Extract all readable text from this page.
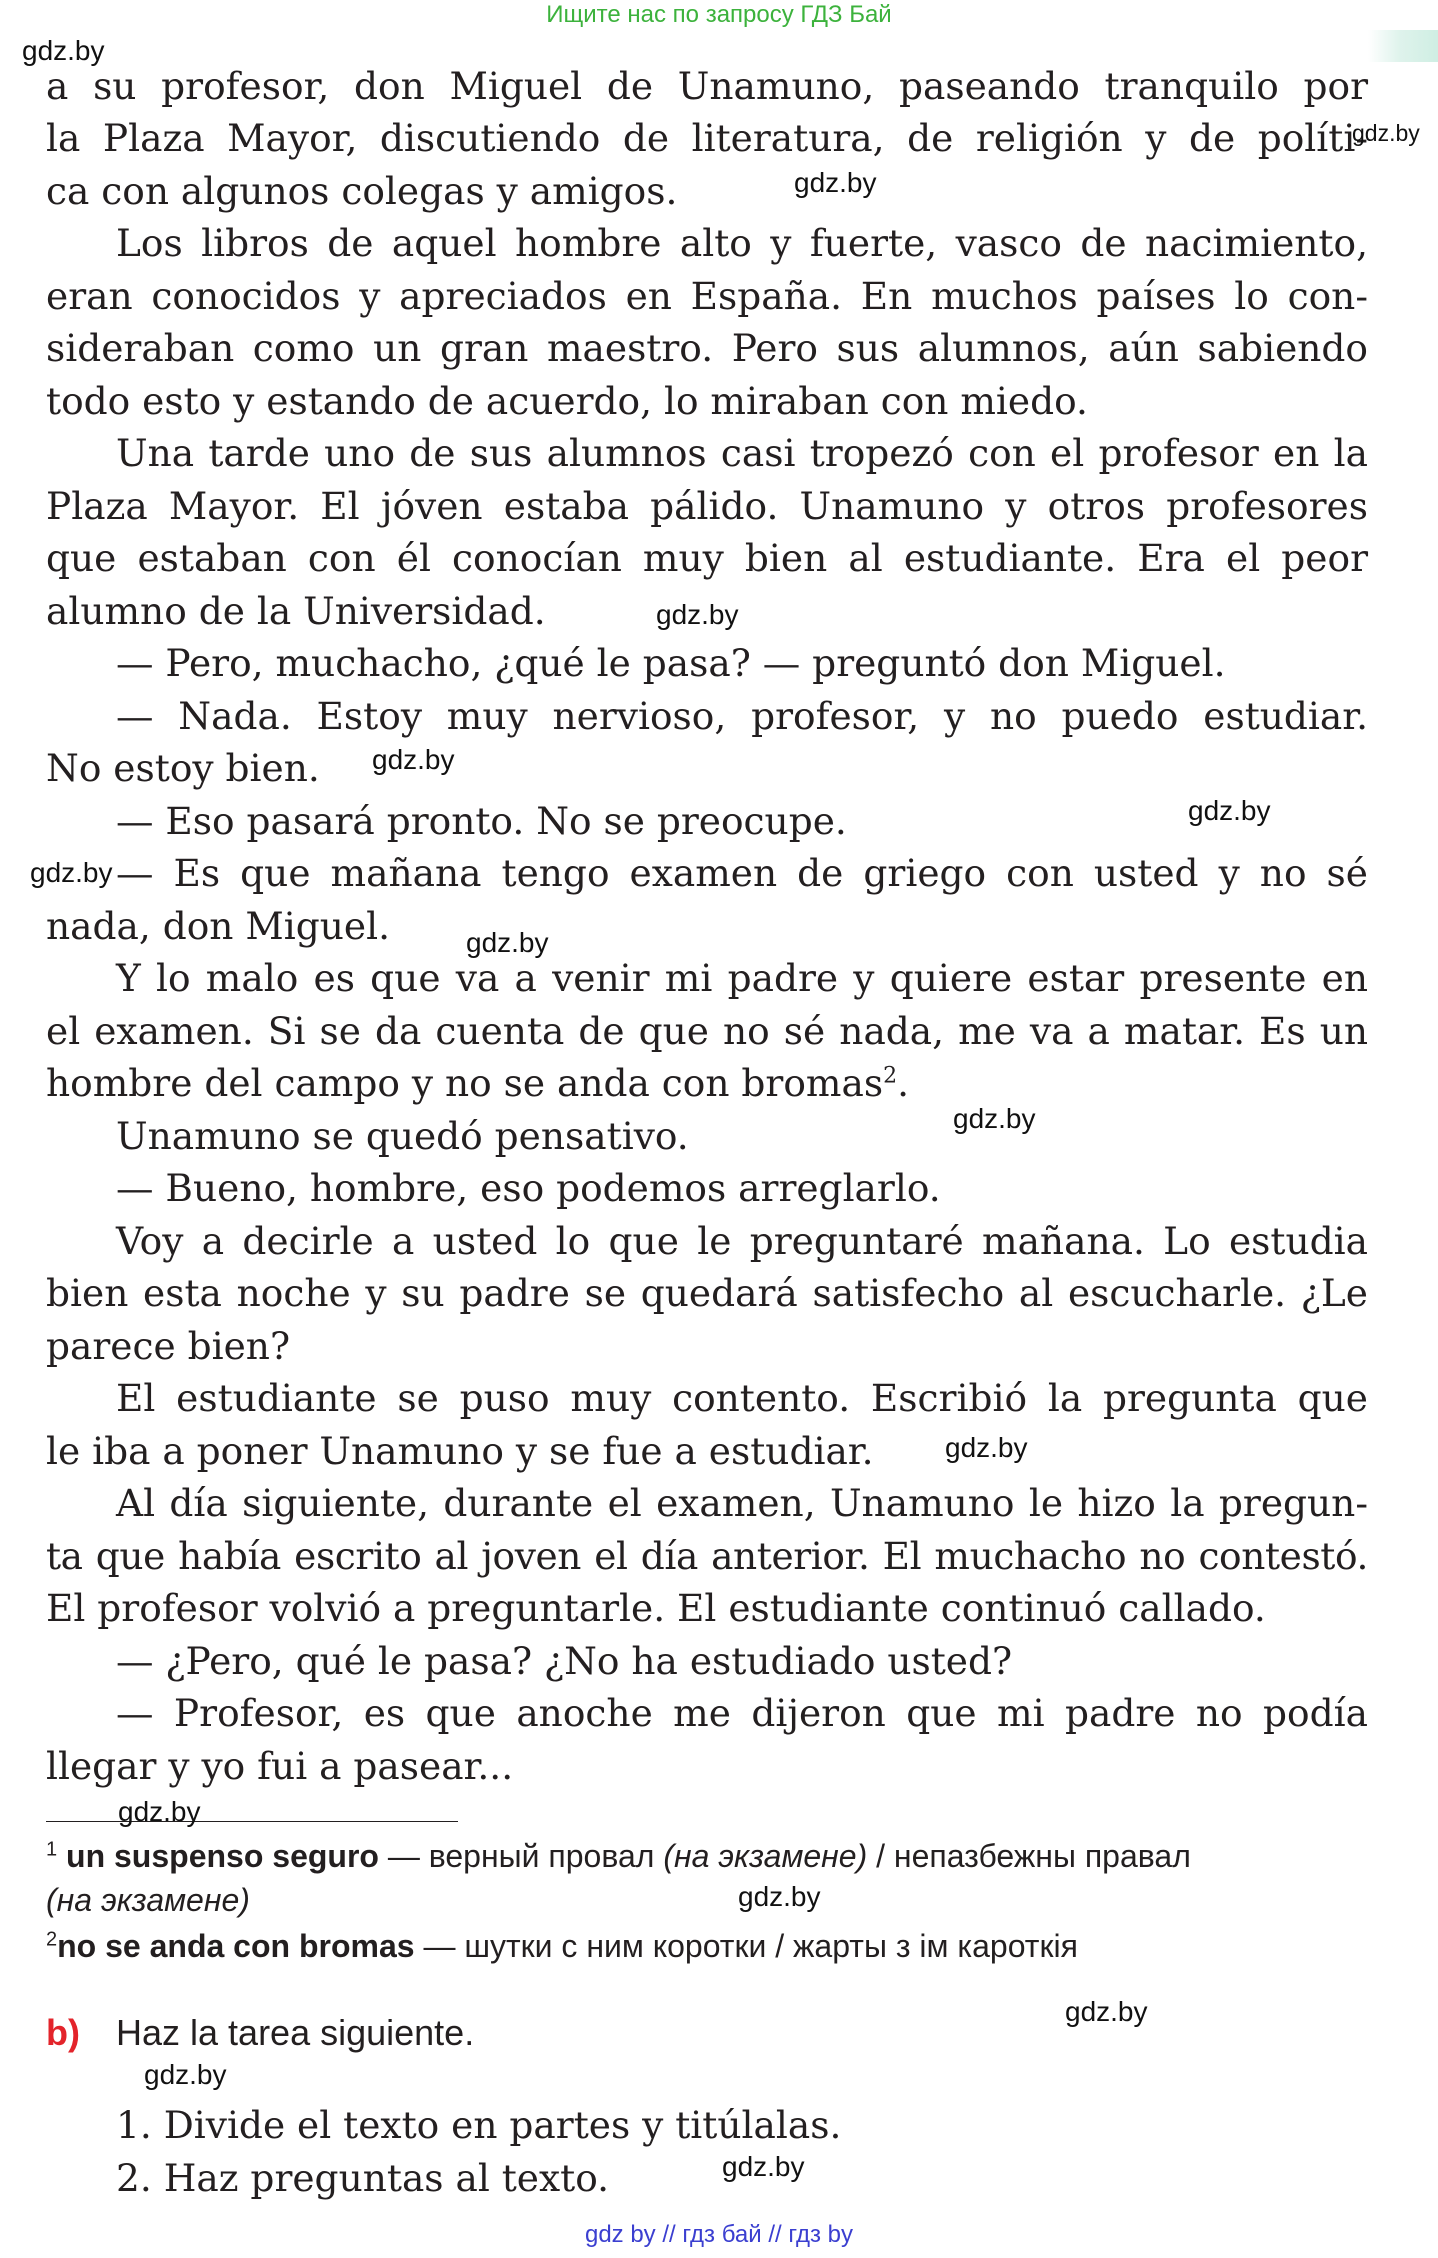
Ищите нас по запросу ГДЗ Бай
a su profesor, don Miguel de Unamuno, paseando tranquilo por
la Plaza Mayor, discutiendo de literatura, de religión y de políti-
ca con algunos colegas y amigos.
Los libros de aquel hombre alto y fuerte, vasco de nacimiento,
eran conocidos y apreciados en España. En muchos países lo con-
sideraban como un gran maestro. Pero sus alumnos, aún sabiendo
todo esto y estando de acuerdo, lo miraban con miedo.
Una tarde uno de sus alumnos casi tropezó con el profesor en la
Plaza Mayor. El jóven estaba pálido. Unamuno y otros profesores
que estaban con él conocían muy bien al estudiante. Era el peor
alumno de la Universidad.
— Pero, muchacho, ¿qué le pasa? — preguntó don Miguel.
— Nada. Estoy muy nervioso, profesor, y no puedo estudiar.
No estoy bien.
— Eso pasará pronto. No se preocupe.
— Es que mañana tengo examen de griego con usted y no sé
nada, don Miguel.
Y lo malo es que va a venir mi padre y quiere estar presente en
el examen. Si se da cuenta de que no sé nada, me va a matar. Es un
hombre del campo y no se anda con bromas$^2$.
Unamuno se quedó pensativo.
— Bueno, hombre, eso podemos arreglarlo.
Voy a decirle a usted lo que le preguntaré mañana. Lo estudia
bien esta noche y su padre se quedará satisfecho al escucharle. ¿Le
parece bien?
El estudiante se puso muy contento. Escribió la pregunta que
le iba a poner Unamuno y se fue a estudiar.
Al día siguiente, durante el examen, Unamuno le hizo la pregun-
ta que había escrito al joven el día anterior. El muchacho no contestó.
El profesor volvió a preguntarle. El estudiante continuó callado.
— ¿Pero, qué le pasa? ¿No ha estudiado usted?
— Profesor, es que anoche me dijeron que mi padre no podía
llegar y yo fui a pasear...
$^1$ un suspenso seguro — верный провал (на экзамене) / непазбежны правал
(на экзамене)
$^2$no se anda con bromas — шутки с ним коротки / жарты з ім кароткія
b) Haz la tarea siguiente.
1. Divide el texto en partes y titúlalas.
2. Haz preguntas al texto.
gdz.by
gdz.by
gdz.by
gdz.by
gdz.by
gdz.by
gdz.by
gdz.by
gdz.by
gdz.by
gdz.by
gdz.by
gdz.by
gdz.by
gdz.by
gdz by // гдз бай // гдз by
